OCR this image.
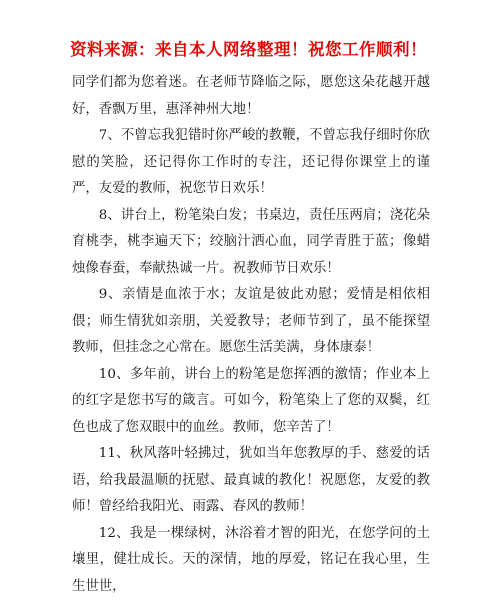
资料来源：来自本人网络整理！祝您工作顺利！

同学们都为您着迷。在老师节降临之际，愿您这朵花越开越好，香飘万里，惠泽神州大地！

7、不曾忘我犯错时你严峻的教鞭，不曾忘我仔细时你欣慰的笑脸，还记得你工作时的专注，还记得你课堂上的谨严，友爱的教师，祝您节日欢乐！

8、讲台上，粉笔染白发；书桌边，责任压两肩；浇花朵育桃李，桃李遍天下；绞脑汁洒心血，同学青胜于蓝；像蜡烛像春蚕，奉献热诚一片。祝教师节日欢乐！

9、亲情是血浓于水；友谊是彼此劝慰；爱情是相依相偎；师生情犹如亲朋，关爱教导；老师节到了，虽不能探望教师，但挂念之心常在。愿您生活美满，身体康泰！

10、多年前，讲台上的粉笔是您挥洒的激情；作业本上的红字是您书写的箴言。可如今，粉笔染上了您的双鬓，红色也成了您双眼中的血丝。教师，您辛苦了！

11、秋风落叶轻拂过，犹如当年您教厚的手、慈爱的话语，给我最温顺的抚慰、最真诚的教化！祝愿您，友爱的教师！曾经给我阳光、雨露、春风的教师！

12、我是一棵绿树，沐浴着才智的阳光，在您学问的土壤里，健壮成长。天的深情，地的厚爱，铭记在我心里，生生世世，
